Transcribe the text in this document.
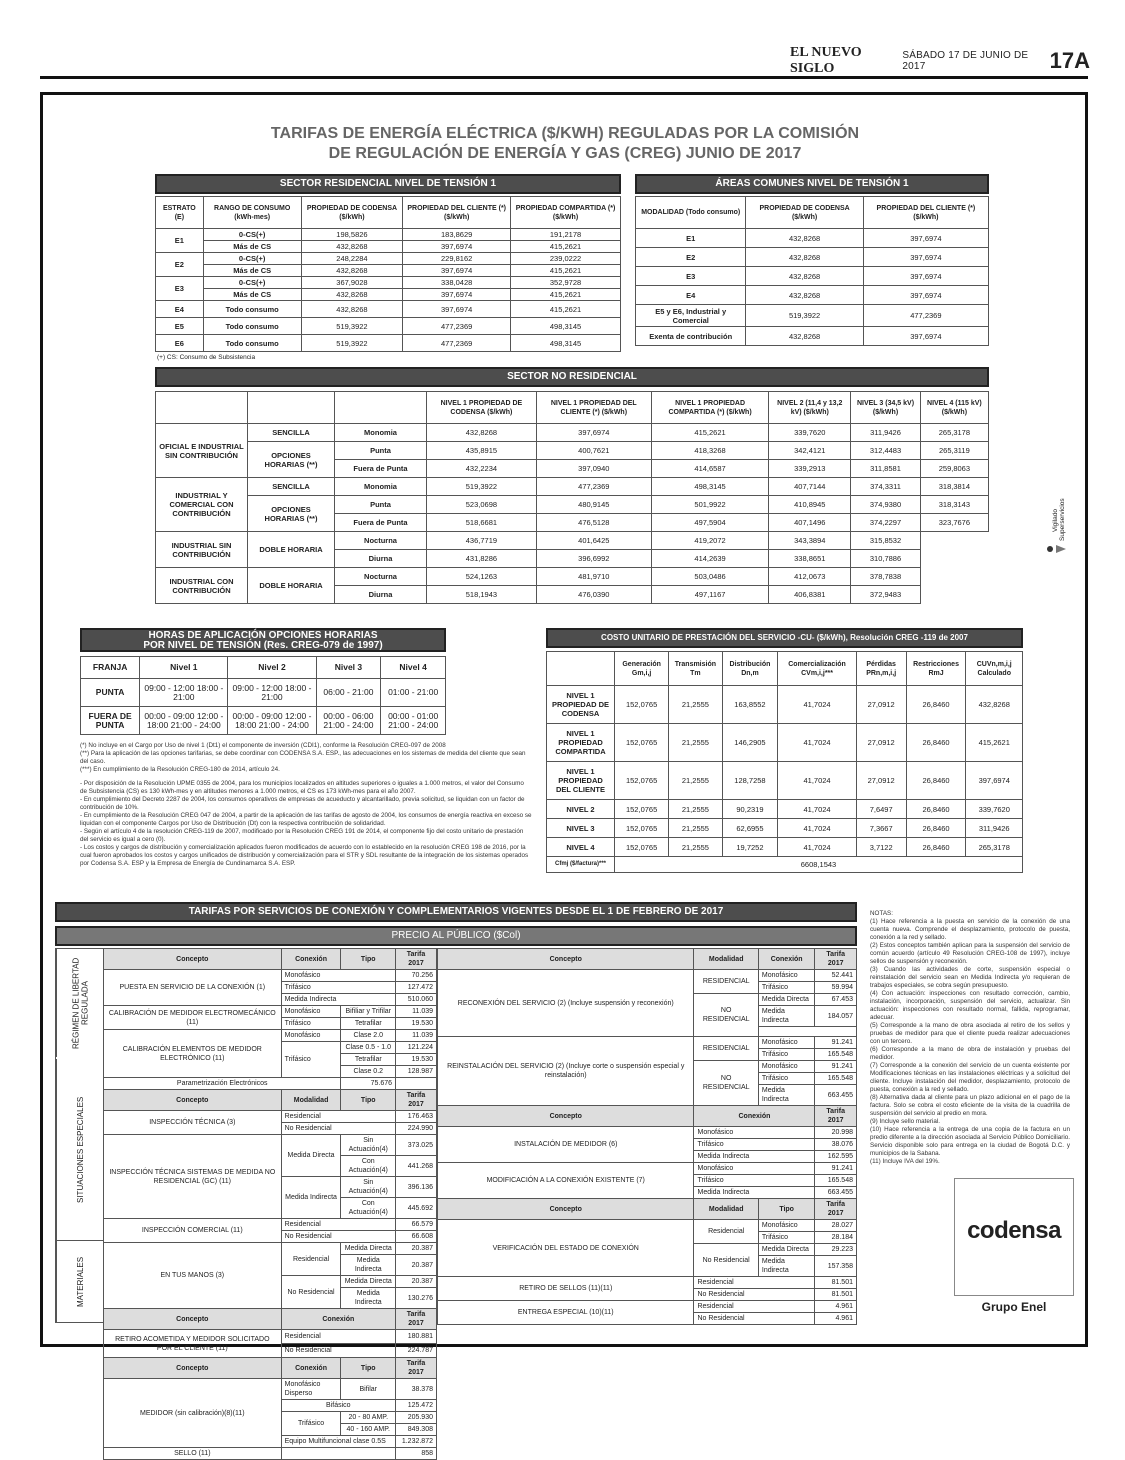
EL NUEVO SIGLO
SÁBADO 17 DE JUNIO DE 2017	17A
TARIFAS DE ENERGÍA ELÉCTRICA ($/KWH) REGULADAS POR LA COMISIÓN
DE REGULACIÓN DE ENERGÍA Y GAS (CREG) JUNIO DE 2017
SECTOR RESIDENCIAL NIVEL DE TENSIÓN 1
ESTRATO (E)	RANGO DE CONSUMO (kWh-mes)	PROPIEDAD DE CODENSA ($/kWh)	PROPIEDAD DEL CLIENTE (*) ($/kWh)	PROPIEDAD COMPARTIDA (*) ($/kWh)
E1	0-CS(+)	198,5826	183,8629	191,2178
	Más de CS	432,8268	397,6974	415,2621
E2	0-CS(+)	248,2284	229,8162	239,0222
	Más de CS	432,8268	397,6974	415,2621
E3	0-CS(+)	367,9028	338,0428	352,9728
	Más de CS	432,8268	397,6974	415,2621
E4	Todo consumo	432,8268	397,6974	415,2621
E5	Todo consumo	519,3922	477,2369	498,3145
E6	Todo consumo	519,3922	477,2369	498,3145
(+) CS: Consumo de Subsistencia
ÁREAS COMUNES NIVEL DE TENSIÓN 1
MODALIDAD (Todo consumo)	PROPIEDAD DE CODENSA ($/kWh)	PROPIEDAD DEL CLIENTE (*) ($/kWh)
E1	432,8268	397,6974
E2	432,8268	397,6974
E3	432,8268	397,6974
E4	432,8268	397,6974
E5 y E6, Industrial y Comercial	519,3922	477,2369
Exenta de contribución	432,8268	397,6974
SECTOR NO RESIDENCIAL
			NIVEL 1 PROPIEDAD DE CODENSA ($/kWh)	NIVEL 1 PROPIEDAD DEL CLIENTE (*) ($/kWh)	NIVEL 1 PROPIEDAD COMPARTIDA (*) ($/kWh)	NIVEL 2 (11,4 y 13,2 kV) ($/kWh)	NIVEL 3 (34,5 kV) ($/kWh)	NIVEL 4 (115 kV) ($/kWh)
OFICIAL E INDUSTRIAL SIN CONTRIBUCIÓN	SENCILLA	Monomia	432,8268	397,6974	415,2621	339,7620	311,9426	265,3178
	OPCIONES HORARIAS (**)	Punta	435,8915	400,7621	418,3268	342,4121	312,4483	265,3119
		Fuera de Punta	432,2234	397,0940	414,6587	339,2913	311,8581	259,8063
INDUSTRIAL Y COMERCIAL CON CONTRIBUCIÓN	SENCILLA	Monomia	519,3922	477,2369	498,3145	407,7144	374,3311	318,3814
	OPCIONES HORARIAS (**)	Punta	523,0698	480,9145	501,9922	410,8945	374,9380	318,3143
		Fuera de Punta	518,6681	476,5128	497,5904	407,1496	374,2297	323,7676
INDUSTRIAL SIN CONTRIBUCIÓN	DOBLE HORARIA	Nocturna	436,7719	401,6425	419,2072	343,3894	315,8532	
		Diurna	431,8286	396,6992	414,2639	338,8651	310,7886	
INDUSTRIAL CON CONTRIBUCIÓN	DOBLE HORARIA	Nocturna	524,1263	481,9710	503,0486	412,0673	378,7838	
		Diurna	518,1943	476,0390	497,1167	406,8381	372,9483	
HORAS DE APLICACIÓN OPCIONES HORARIAS
POR NIVEL DE TENSIÓN (Res. CREG-079 de 1997)
FRANJA	Nivel 1	Nivel 2	Nivel 3	Nivel 4
PUNTA	09:00 - 12:00 18:00 - 21:00	09:00 - 12:00 18:00 - 21:00	06:00 - 21:00	01:00 - 21:00
FUERA DE PUNTA	00:00 - 09:00 12:00 - 18:00 21:00 - 24:00	00:00 - 09:00 12:00 - 18:00 21:00 - 24:00	00:00 - 06:00 21:00 - 24:00	00:00 - 01:00 21:00 - 24:00
(*) No incluye en el Cargo por Uso de nivel 1 (Dt1) el componente de inversión (CDI1), conforme la Resolución CREG-097 de 2008
(**) Para la aplicación de las opciones tarifarias, se debe coordinar con CODENSA S.A. ESP., las adecuaciones en los sistemas de medida del cliente que sean del caso.
(***) En cumplimiento de la Resolución CREG-180 de 2014, artículo 24.
- Por disposición de la Resolución UPME 0355 de 2004, para los municipios localizados en altitudes superiores o iguales a 1.000 metros, el valor del Consumo de Subsistencia (CS) es 130 kWh-mes y en altitudes menores a 1.000 metros, el CS es 173 kWh-mes para el año 2007.
- En cumplimiento del Decreto 2287 de 2004, los consumos operativos de empresas de acueducto y alcantarillado, previa solicitud, se liquidan con un factor de contribución de 10%.
- En cumplimiento de la Resolución CREG 047 de 2004, a partir de la aplicación de las tarifas de agosto de 2004, los consumos de energía reactiva en exceso se liquidan con el componente Cargos por Uso de Distribución (Dt) con la respectiva contribución de solidaridad.
- Según el artículo 4 de la resolución CREG-119 de 2007, modificado por la Resolución CREG 191 de 2014, el componente fijo del costo unitario de prestación del servicio es igual a cero (0).
- Los costos y cargos de distribución y comercialización aplicados fueron modificados de acuerdo con lo establecido en la resolución CREG 198 de 2016, por la cual fueron aprobados los costos y cargos unificados de distribución y comercialización para el STR y SDL resultante de la integración de los sistemas operados por Codensa S.A. ESP y la Empresa de Energía de Cundinamarca S.A. ESP.
COSTO UNITARIO DE PRESTACIÓN DEL SERVICIO -CU- ($/kWh), Resolución CREG -119 de 2007
	Generación Gm,i,j	Transmisión Tm	Distribución Dn,m	Comercialización CVm,i,j***	Pérdidas PRn,m,i,j	Restricciones RmJ	CUVn,m,i,j Calculado
NIVEL 1 PROPIEDAD DE CODENSA	152,0765	21,2555	163,8552	41,7024	27,0912	26,8460	432,8268
NIVEL 1 PROPIEDAD COMPARTIDA	152,0765	21,2555	146,2905	41,7024	27,0912	26,8460	415,2621
NIVEL 1 PROPIEDAD DEL CLIENTE	152,0765	21,2555	128,7258	41,7024	27,0912	26,8460	397,6974
NIVEL 2	152,0765	21,2555	90,2319	41,7024	7,6497	26,8460	339,7620
NIVEL 3	152,0765	21,2555	62,6955	41,7024	7,3667	26,8460	311,9426
NIVEL 4	152,0765	21,2555	19,7252	41,7024	3,7122	26,8460	265,3178
Cfmj ($/factura)***	6608,1543						
Vigilado Superservicios
TARIFAS POR SERVICIOS DE CONEXIÓN Y COMPLEMENTARIOS VIGENTES DESDE EL 1 DE FEBRERO DE 2017
PRECIO AL PÚBLICO ($Col)
RÉGIMEN DE LIBERTAD REGULADA
SITUACIONES ESPECIALES
MATERIALES
Concepto	Conexión	Tipo	Tarifa 2017
PUESTA EN SERVICIO DE LA CONEXIÓN (1)	Monofásico		70.256
	Trifásico		127.472
	Medida Indirecta		510.060
CALIBRACIÓN DE MEDIDOR ELECTROMECÁNICO (11)	Monofásico	Bifiliar y Trifilar	11.039
	Trifásico	Tetrafilar	19.530
CALIBRACIÓN ELEMENTOS DE MEDIDOR ELECTRÓNICO (11)	Monofásico	Clase 2.0	11.039
	Trifásico	Clase 0.5 - 1.0	121.224
		Tetrafilar	19.530
		Clase 0.2	128.987
Parametrización Electrónicos		75.676	
Concepto	Modalidad	Tipo	Tarifa 2017
INSPECCIÓN TÉCNICA (3)	Residencial		176.463
	No Residencial		224.990
INSPECCIÓN TÉCNICA SISTEMAS DE MEDIDA NO RESIDENCIAL (GC) (11)	Medida Directa	Sin Actuación(4)	373.025
		Con Actuación(4)	441.268
	Medida Indirecta	Sin Actuación(4)	396.136
		Con Actuación(4)	445.692
INSPECCIÓN COMERCIAL (11)	Residencial		66.579
	No Residencial		66.608
EN TUS MANOS (3)	Residencial	Medida Directa	20.387
		Medida Indirecta	20.387
	No Residencial	Medida Directa	20.387
		Medida Indirecta	130.276
Concepto	Conexión		Tarifa 2017
RETIRO ACOMETIDA Y MEDIDOR SOLICITADO POR EL CLIENTE (11)	Residencial		180.881
	No Residencial		224.787
Concepto	Conexión	Tipo	Tarifa 2017
MEDIDOR (sin calibración)(8)(11)	Monofásico Disperso	Bifilar	38.378
	Bifásico		125.472
	Trifásico	20 - 80 AMP.	205.930
		40 - 160 AMP.	849.308
	Equipo Multifuncional clase 0.5S		1.232.872
SELLO (11)			858
Concepto	Modalidad	Conexión	Tarifa 2017
RECONEXIÓN DEL SERVICIO (2) (Incluye suspensión y reconexión)	RESIDENCIAL	Monofásico	52.441
		Trifásico	59.994
	NO RESIDENCIAL	Medida Directa	67.453
		Medida Indirecta	184.057

REINSTALACIÓN DEL SERVICIO (2) (Incluye corte o suspensión especial y reinstalación)	RESIDENCIAL	Monofásico	91.241
		Trifásico	165.548
	NO RESIDENCIAL	Monofásico	91.241
		Trifásico	165.548
		Medida Indirecta	663.455
Concepto	Conexión		Tarifa 2017
INSTALACIÓN DE MEDIDOR (6)	Monofásico		20.998
	Trifásico		38.076
	Medida Indirecta		162.595
MODIFICACIÓN A LA CONEXIÓN EXISTENTE (7)	Monofásico		91.241
	Trifásico		165.548
	Medida Indirecta		663.455
Concepto	Modalidad	Tipo	Tarifa 2017
VERIFICACIÓN DEL ESTADO DE CONEXIÓN	Residencial	Monofásico	28.027
		Trifásico	28.184
	No Residencial	Medida Directa	29.223
		Medida Indirecta	157.358
RETIRO DE SELLOS (11)(11)	Residencial		81.501
	No Residencial		81.501
ENTREGA ESPECIAL (10)(11)	Residencial		4.961
	No Residencial		4.961
NOTAS:
(1) Hace referencia a la puesta en servicio de la conexión de una cuenta nueva. Comprende el desplazamiento, protocolo de puesta, conexión a la red y sellado.
(2) Estos conceptos también aplican para la suspensión del servicio de común acuerdo (artículo 49 Resolución CREG-108 de 1997), incluye sellos de suspensión y reconexión.
(3) Cuando las actividades de corte, suspensión especial o reinstalación del servicio sean en Medida Indirecta y/o requieran de trabajos especiales, se cobra según presupuesto.
(4) Con actuación: inspecciones con resultado corrección, cambio, instalación, incorporación, suspensión del servicio, actualizar. Sin actuación: inspecciones con resultado normal, fallida, reprogramar, adecuar.
(5) Corresponde a la mano de obra asociada al retiro de los sellos y pruebas de medidor para que el cliente pueda realizar adecuaciones con un tercero.
(6) Corresponde a la mano de obra de instalación y pruebas del medidor.
(7) Corresponde a la conexión del servicio de un cuenta existente por Modificaciones técnicas en las instalaciones eléctricas y a solicitud del cliente. Incluye instalación del medidor, desplazamiento, protocolo de puesta, conexión a la red y sellado.
(8) Alternativa dada al cliente para un plazo adicional en el pago de la factura. Solo se cobra el costo eficiente de la visita de la cuadrilla de suspensión del servicio al predio en mora.
(9) Incluye sello material.
(10) Hace referencia a la entrega de una copia de la factura en un predio diferente a la dirección asociada al Servicio Público Domiciliario. Servicio disponible solo para entrega en la ciudad de Bogotá D.C. y municipios de la Sabana.
(11) Incluye IVA del 19%.
codensa
Grupo Enel
